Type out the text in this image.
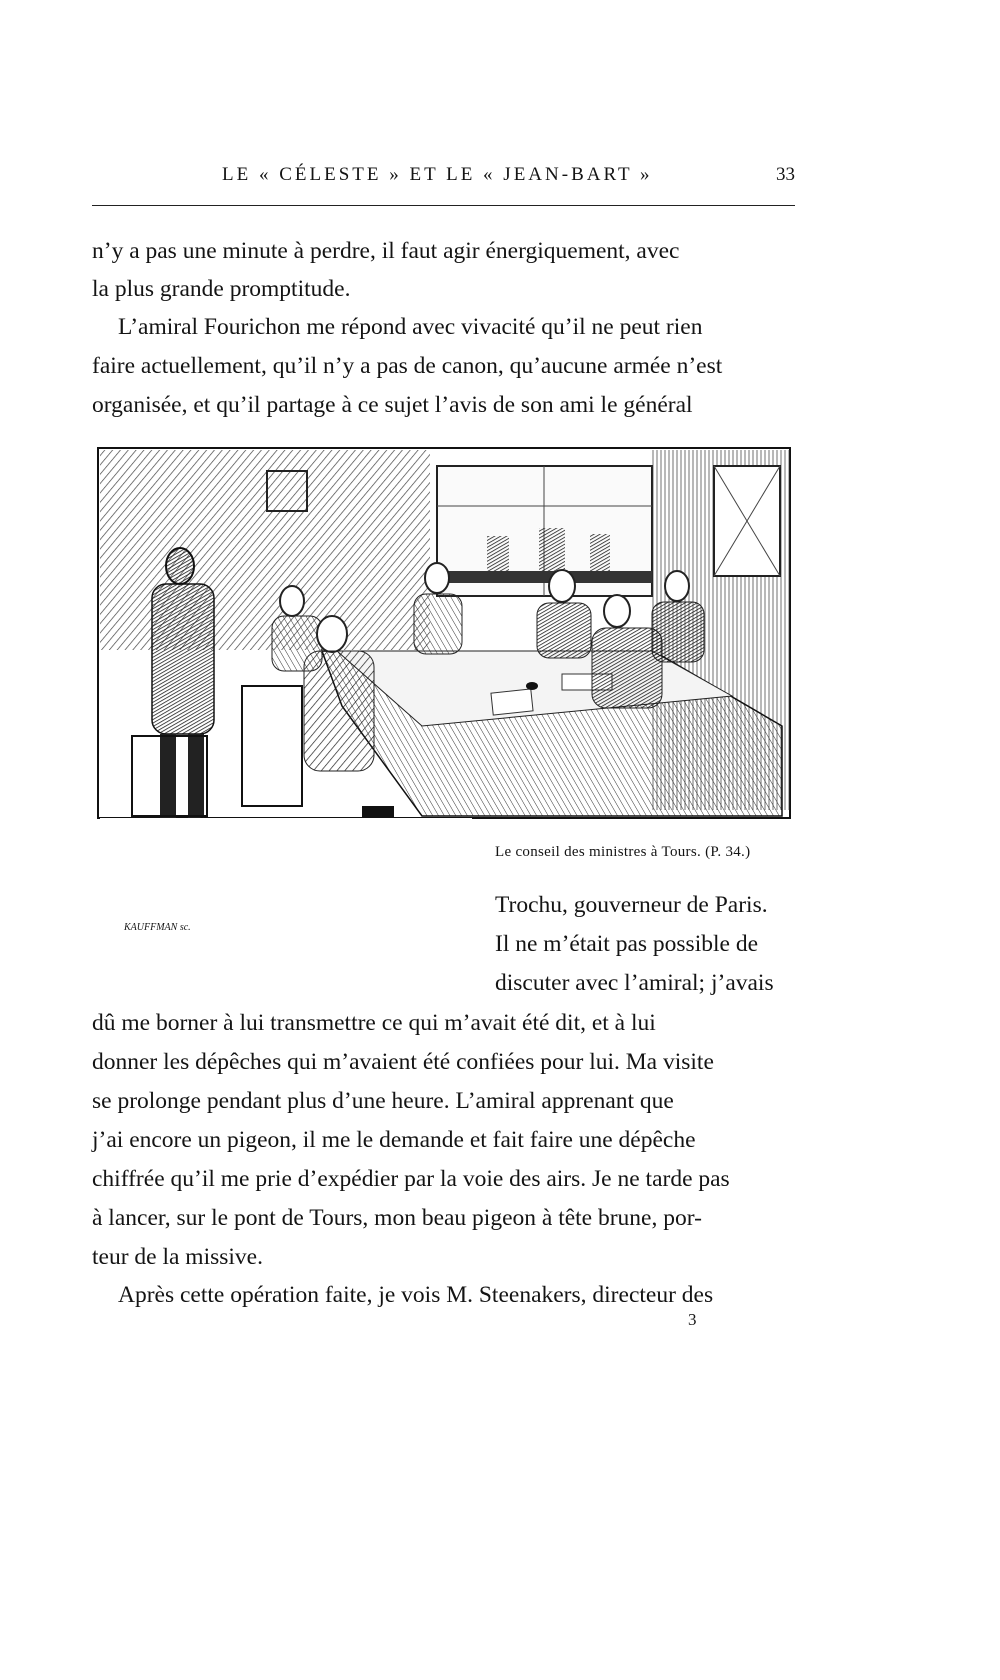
LE « CÉLESTE » ET LE « JEAN-BART »	33
n’y a pas une minute à perdre, il faut agir énergiquement, avec
la plus grande promptitude.
L’amiral Fourichon me répond avec vivacité qu’il ne peut rien
faire actuellement, qu’il n’y a pas de canon, qu’aucune armée n’est
organisée, et qu’il partage à ce sujet l’avis de son ami le général
Le conseil des ministres à Tours. (P. 34.)
KAUFFMAN sc.
Trochu, gouverneur de Paris.
Il ne m’était pas possible de
discuter avec l’amiral; j’avais
dû me borner à lui transmettre ce qui m’avait été dit, et à lui
donner les dépêches qui m’avaient été confiées pour lui. Ma visite
se prolonge pendant plus d’une heure. L’amiral apprenant que
j’ai encore un pigeon, il me le demande et fait faire une dépêche
chiffrée qu’il me prie d’expédier par la voie des airs. Je ne tarde pas
à lancer, sur le pont de Tours, mon beau pigeon à tête brune, por-
teur de la missive.
Après cette opération faite, je vois M. Steenakers, directeur des
3
